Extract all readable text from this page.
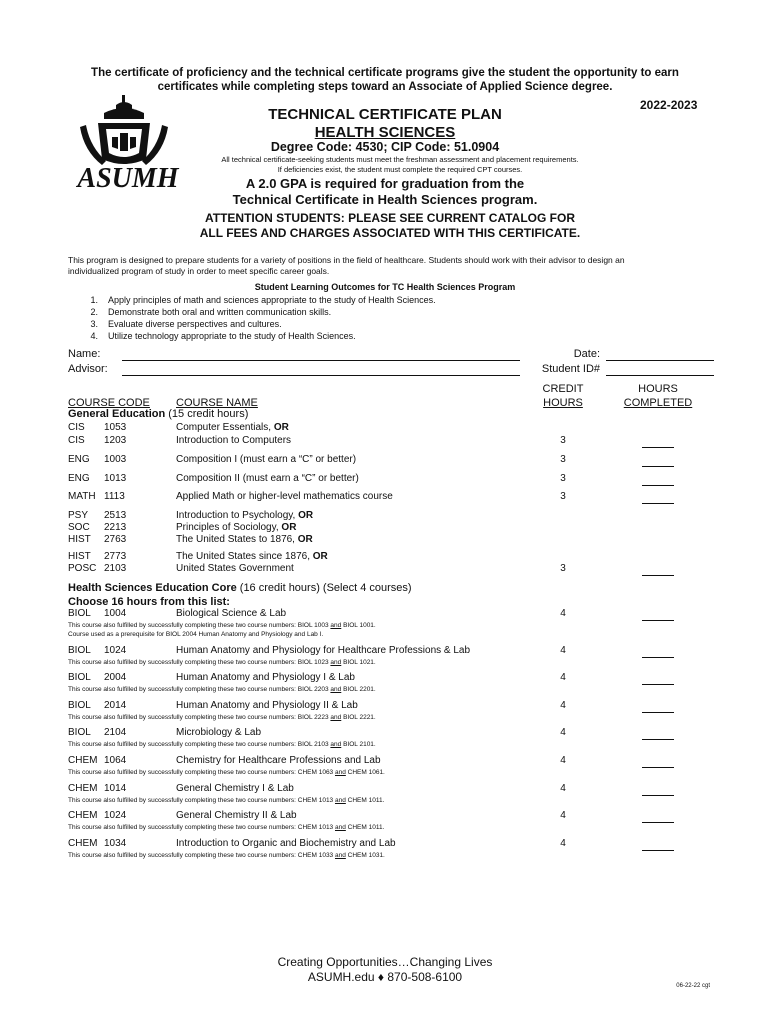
The certificate of proficiency and the technical certificate programs give the student the opportunity to earn
certificates while completing steps toward an Associate of Applied Science degree.
2022-2023
ASUMH
TECHNICAL CERTIFICATE PLAN
HEALTH SCIENCES
Degree Code: 4530; CIP Code: 51.0904
All technical certificate-seeking students must meet the freshman assessment and placement requirements.
If deficiencies exist, the student must complete the required CPT courses.
A 2.0 GPA is required for graduation from the
Technical Certificate in Health Sciences program.
ATTENTION STUDENTS: PLEASE SEE CURRENT CATALOG FOR
ALL FEES AND CHARGES ASSOCIATED WITH THIS CERTIFICATE.
This program is designed to prepare students for a variety of positions in the field of healthcare. Students should work with their advisor to design an
individualized program of study in order to meet specific career goals.
Student Learning Outcomes for TC Health Sciences Program
1. Apply principles of math and sciences appropriate to the study of Health Sciences.
2. Demonstrate both oral and written communication skills.
3. Evaluate diverse perspectives and cultures.
4. Utilize technology appropriate to the study of Health Sciences.
Name:
Advisor:
Date:
Student ID#
COURSE CODE COURSE NAME
CREDIT
HOURS
HOURS
COMPLETED
General Education (15 credit hours)
CIS 1053	Computer Essentials, OR
CIS 1203	Introduction to Computers	3
ENG 1003	Composition I (must earn a “C” or better)	3
ENG 1013	Composition II (must earn a “C” or better)	3
MATH 1113	Applied Math or higher-level mathematics course	3
PSY 2513	Introduction to Psychology, OR
SOC 2213	Principles of Sociology, OR
HIST 2763	The United States to 1876, OR
HIST 2773	The United States since 1876, OR
POSC 2103	United States Government	3
Health Sciences Education Core (16 credit hours) (Select 4 courses)
Choose 16 hours from this list:
BIOL 1004	Biological Science & Lab	4
This course also fulfilled by successfully completing these two course numbers: BIOL 1003 and BIOL 1001.
Course used as a prerequisite for BIOL 2004 Human Anatomy and Physiology and Lab I.
BIOL 1024	Human Anatomy and Physiology for Healthcare Professions & Lab	4
This course also fulfilled by successfully completing these two course numbers: BIOL 1023 and BIOL 1021.
BIOL 2004	Human Anatomy and Physiology I & Lab	4
This course also fulfilled by successfully completing these two course numbers: BIOL 2203 and BIOL 2201.
BIOL 2014	Human Anatomy and Physiology II & Lab	4
This course also fulfilled by successfully completing these two course numbers: BIOL 2223 and BIOL 2221.
BIOL 2104	Microbiology & Lab	4
This course also fulfilled by successfully completing these two course numbers: BIOL 2103 and BIOL 2101.
CHEM 1064	Chemistry for Healthcare Professions and Lab	4
This course also fulfilled by successfully completing these two course numbers: CHEM 1063 and CHEM 1061.
CHEM 1014	General Chemistry I & Lab	4
This course also fulfilled by successfully completing these two course numbers: CHEM 1013 and CHEM 1011.
CHEM 1024	General Chemistry II & Lab	4
This course also fulfilled by successfully completing these two course numbers: CHEM 1013 and CHEM 1011.
CHEM 1034	Introduction to Organic and Biochemistry and Lab	4
This course also fulfilled by successfully completing these two course numbers: CHEM 1033 and CHEM 1031.
Creating Opportunities…Changing Lives
ASUMH.edu ♦ 870-508-6100
06-22-22 cgt
